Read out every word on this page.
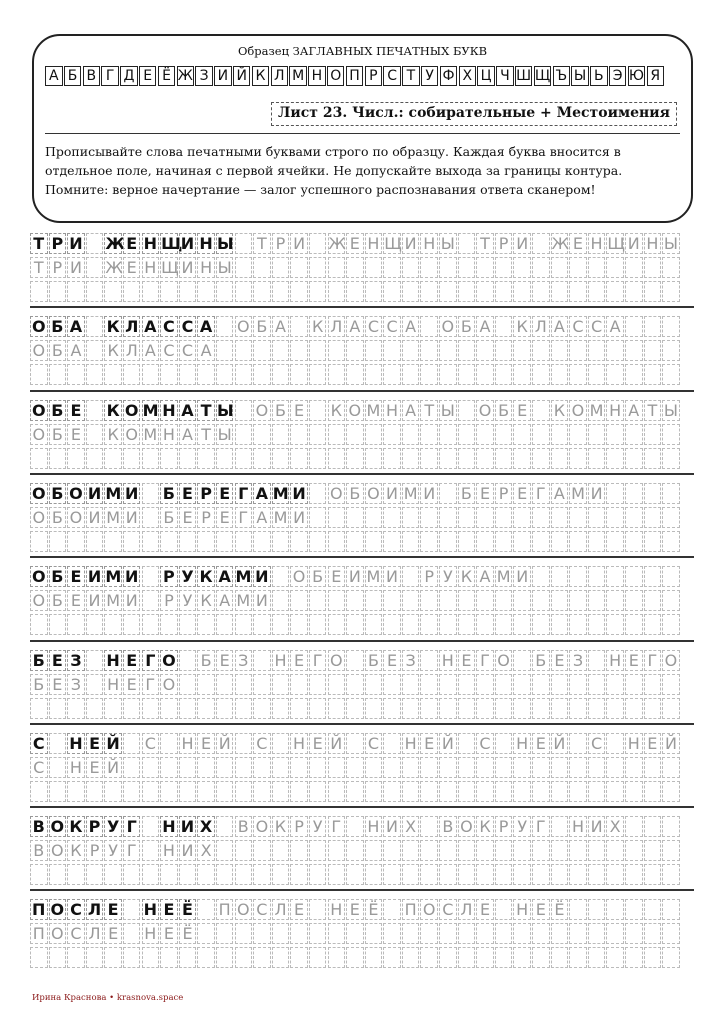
Образец ЗАГЛАВНЫХ ПЕЧАТНЫХ БУКВ
А Б В Г Д Е Ё Ж З И Й К Л М Н О П Р С Т У Ф Х Ц Ч Ш Щ Ъ Ы Ь Э Ю Я
Лист 23. Числ.: собирательные + Местоимения
Прописывайте слова печатными буквами строго по образцу. Каждая буква вносится в отдельное поле, начиная с первой ячейки. Не допускайте выхода за границы контура. Помните: верное начертание — залог успешного распознавания ответа сканером!
Т Р И Ж Е Н Щ
И Н Ы Т Р И Ж Е Н Щ И Н Ы Т Р И Ж Е Н Щ И Н Ы
Т Р И Ж Е Н Щ И Н Ы
О Б А К Л А С С А О Б А К Л А С С А О Б А К Л А С С А
О Б А К Л А С С А
О Б Е К О М Н А Т Ы О Б Е К О М Н А Т Ы О Б Е К О М Н А Т Ы
О Б Е К О М Н А Т Ы
О Б О И М И Б Е Р Е Г А М И О Б О И М И Б Е Р Е Г А М И
О Б О И М И Б Е Р Е Г А М И
О Б Е И М И Р У К А М И О Б Е И М И Р У К А М И
О Б Е И М И Р У К А М И
Б Е З Н Е Г О Б Е З Н Е Г О Б Е З Н Е Г О Б Е З Н Е Г О
Б Е З Н Е Г О
С Н Е Й С Н Е Й С Н Е Й С Н Е Й С Н Е Й С Н Е Й
С Н Е Й
В О К Р У Г Н И Х В О К Р У Г Н И Х В О К Р У Г Н И Х
В О К Р У Г Н И Х
П О С Л Е Н Е Ё П О С Л Е Н Е Ё П О С Л Е Н Е Ё
П О С Л Е Н Е Ё
Ирина Краснова • krasnova.space
